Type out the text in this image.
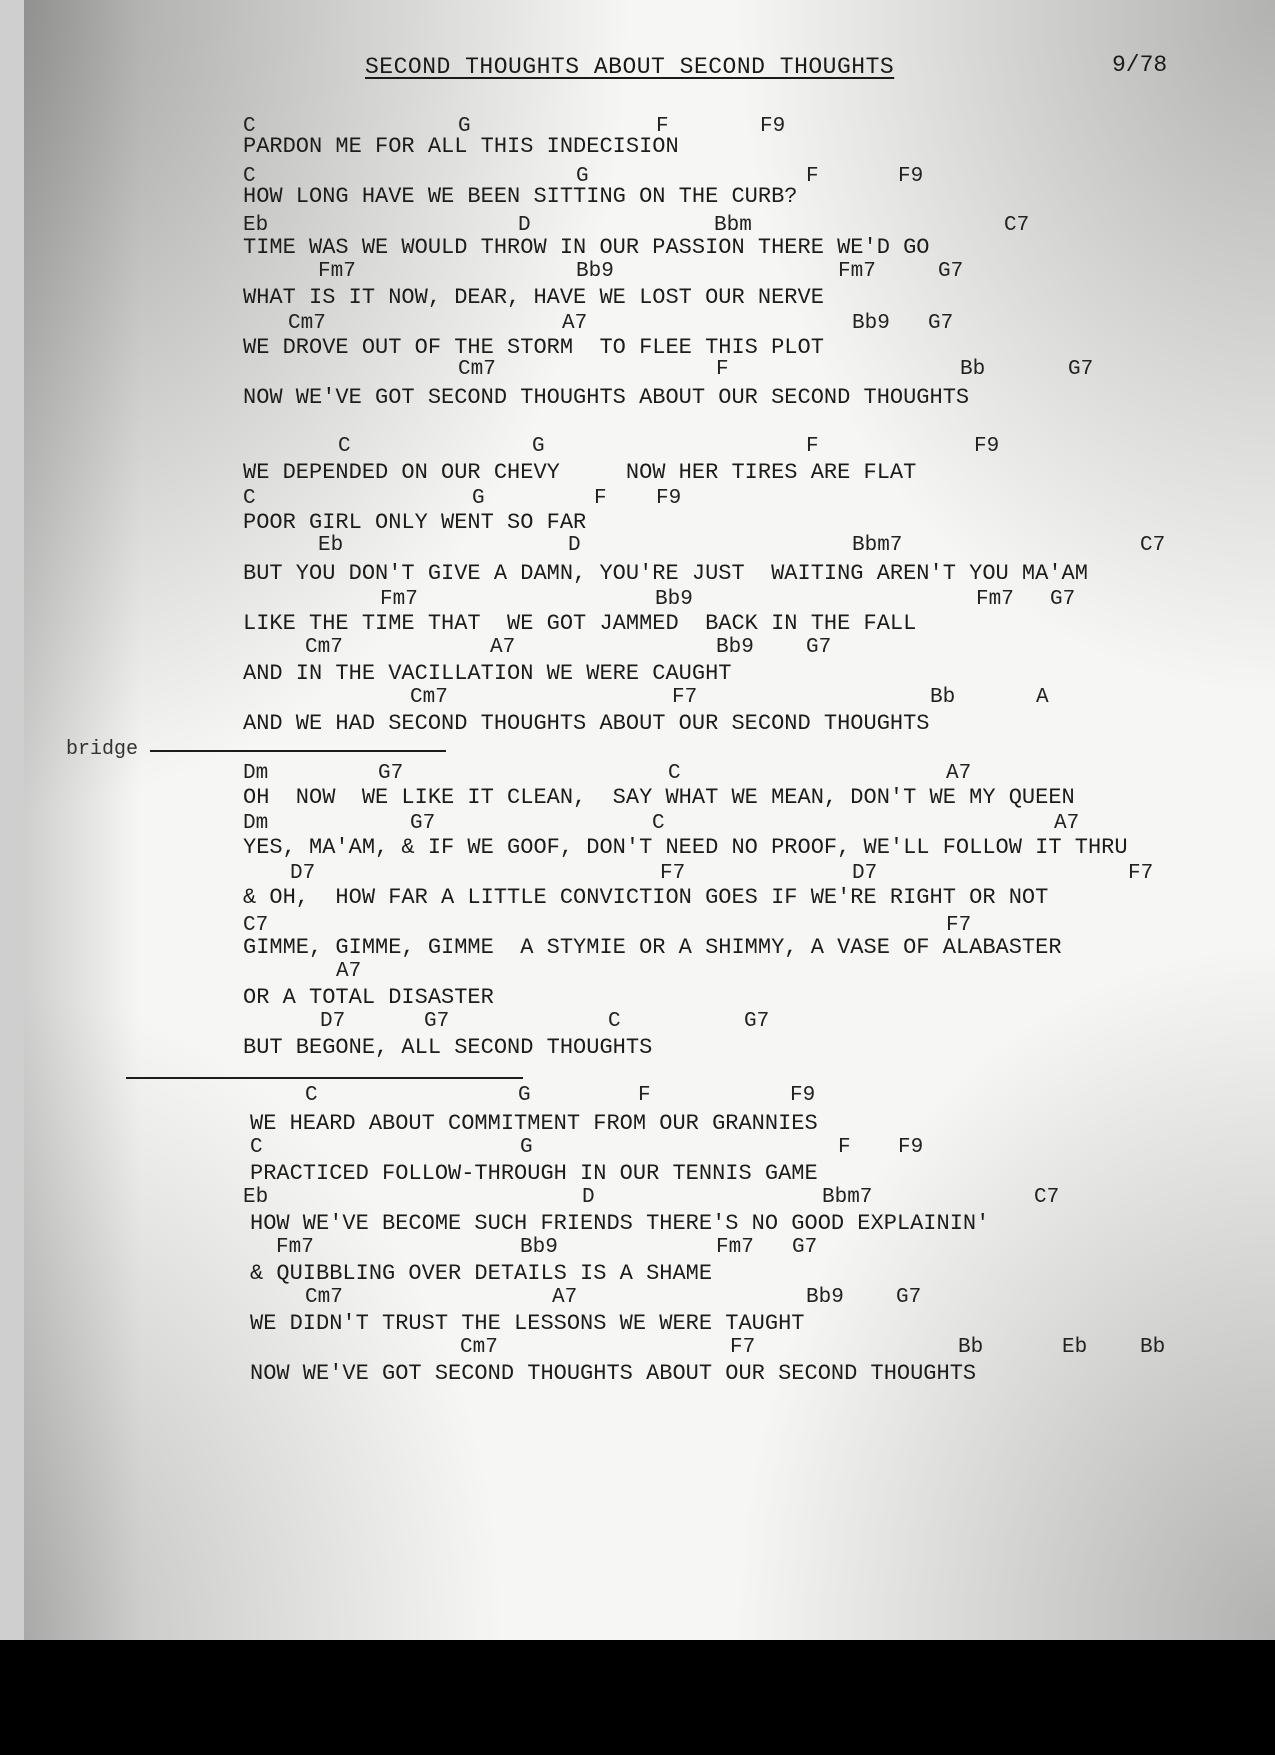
SECOND THOUGHTS ABOUT SECOND THOUGHTS	9/78
bridge
PARDON ME FOR ALL THIS INDECISION
C	G	F	F9
HOW LONG HAVE WE BEEN SITTING ON THE CURB?
C	G	F	F9
TIME WAS WE WOULD THROW IN OUR PASSION THERE WE'D GO
Eb	D	Bbm	C7
WHAT IS IT NOW, DEAR, HAVE WE LOST OUR NERVE
Fm7	Bb9	Fm7	G7
WE DROVE OUT OF THE STORM  TO FLEE THIS PLOT
Cm7	A7	Bb9 G7
NOW WE'VE GOT SECOND THOUGHTS ABOUT OUR SECOND THOUGHTS
Cm7	F	Bb	G7
WE DEPENDED ON OUR CHEVY     NOW HER TIRES ARE FLAT
C	G	F	F9
POOR GIRL ONLY WENT SO FAR
C	G	F F9
BUT YOU DON'T GIVE A DAMN, YOU'RE JUST  WAITING AREN'T YOU MA'AM
Eb	D	Bbm7	C7
LIKE THE TIME THAT  WE GOT JAMMED  BACK IN THE FALL
Fm7	Bb9	Fm7 G7
AND IN THE VACILLATION WE WERE CAUGHT
Cm7	A7	Bb9 G7
AND WE HAD SECOND THOUGHTS ABOUT OUR SECOND THOUGHTS
Cm7	F7	Bb	A
OH  NOW  WE LIKE IT CLEAN,  SAY WHAT WE MEAN, DON'T WE MY QUEEN
Dm	G7	C	A7
YES, MA'AM, & IF WE GOOF, DON'T NEED NO PROOF, WE'LL FOLLOW IT THRU
Dm	G7	C	A7
& OH,  HOW FAR A LITTLE CONVICTION GOES IF WE'RE RIGHT OR NOT
D7	F7	D7	F7
GIMME, GIMME, GIMME  A STYMIE OR A SHIMMY, A VASE OF ALABASTER
C7	F7
OR A TOTAL DISASTER
A7
BUT BEGONE, ALL SECOND THOUGHTS
D7	G7	C	G7
WE HEARD ABOUT COMMITMENT FROM OUR GRANNIES
C	G	F	F9
PRACTICED FOLLOW-THROUGH IN OUR TENNIS GAME
C	G	F F9
HOW WE'VE BECOME SUCH FRIENDS THERE'S NO GOOD EXPLAININ'
Eb	D	Bbm7	C7
& QUIBBLING OVER DETAILS IS A SHAME
Fm7	Bb9	Fm7 G7
WE DIDN'T TRUST THE LESSONS WE WERE TAUGHT
Cm7	A7	Bb9 G7
NOW WE'VE GOT SECOND THOUGHTS ABOUT OUR SECOND THOUGHTS
Cm7	F7	Bb	Eb	Bb
